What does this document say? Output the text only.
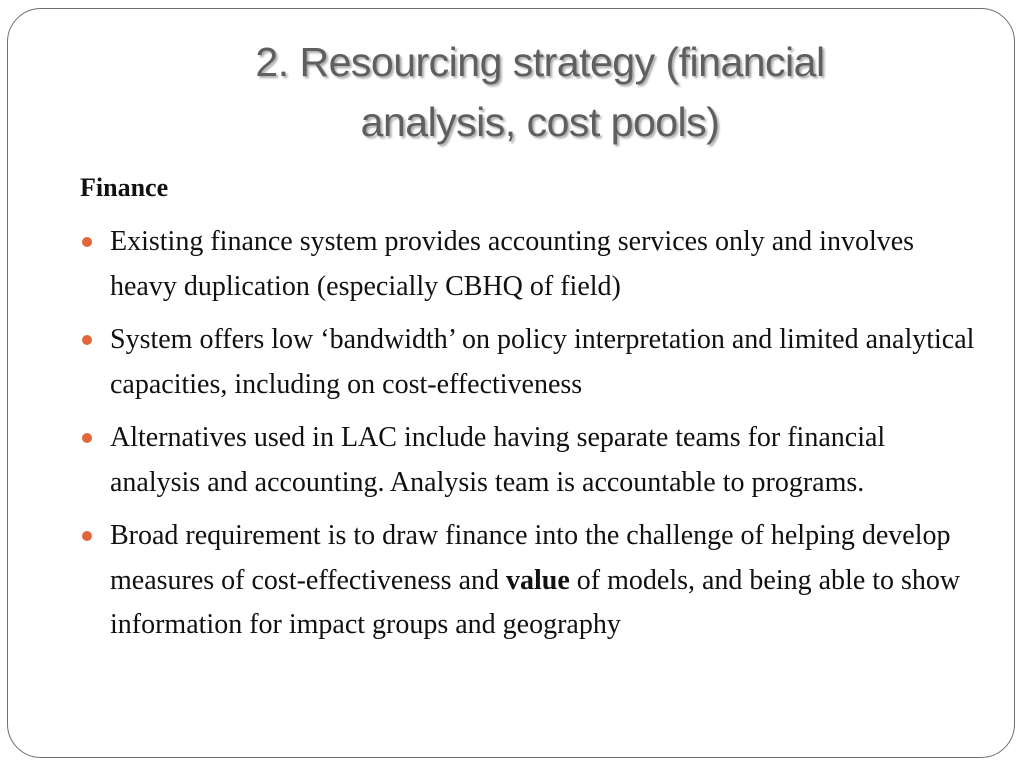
2. Resourcing strategy (financial
analysis, cost pools)
Finance
Existing finance system provides accounting services only and involves heavy duplication (especially CBHQ of field)
System offers low ‘bandwidth’ on policy interpretation and limited analytical capacities, including on cost-effectiveness
Alternatives used in LAC include having separate teams for financial analysis and accounting. Analysis team is accountable to programs.
Broad requirement is to draw finance into the challenge of helping develop measures of cost-effectiveness and value of models, and being able to show information for impact groups and geography
